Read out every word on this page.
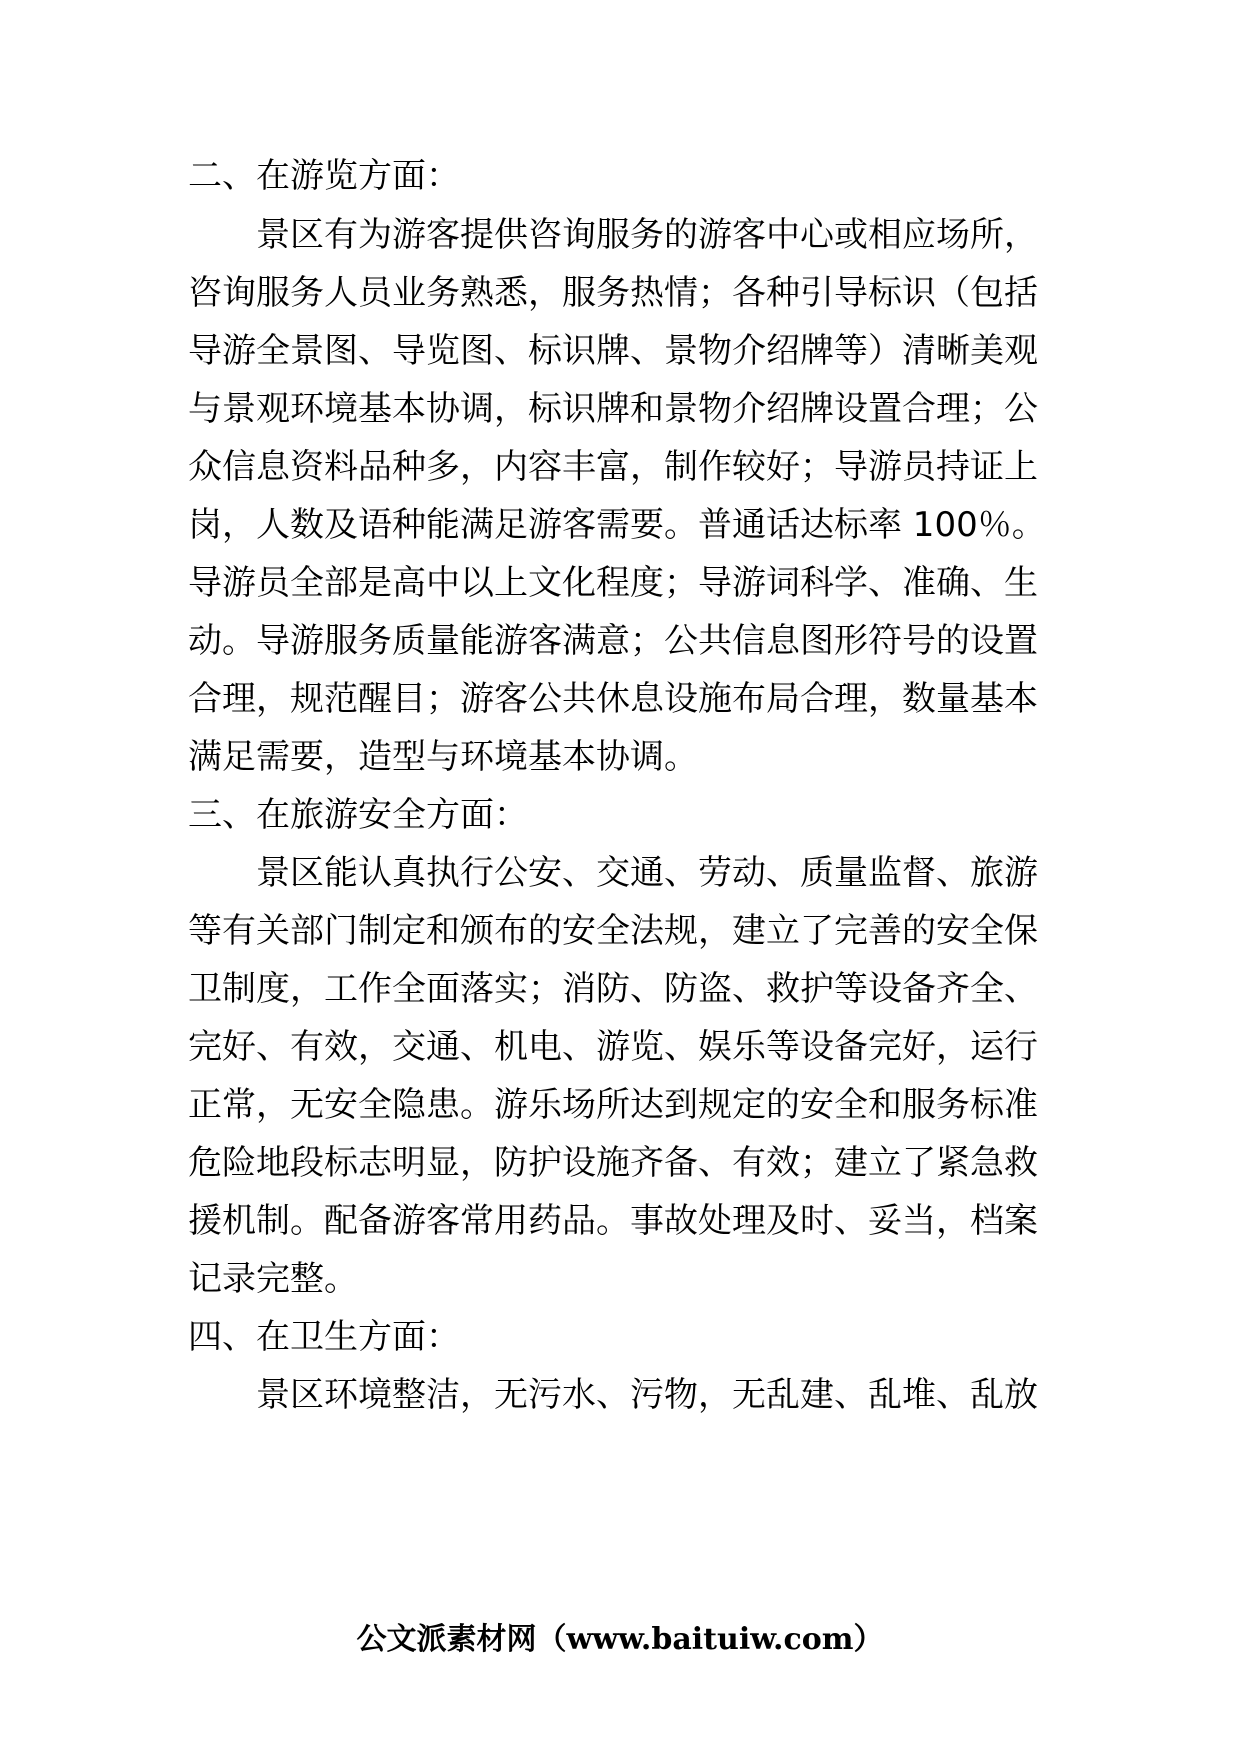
二、在游览方面：
　　景区有为游客提供咨询服务的游客中心或相应场所，
咨询服务人员业务熟悉，服务热情；各种引导标识（包括
导游全景图、导览图、标识牌、景物介绍牌等）清晰美观
与景观环境基本协调，标识牌和景物介绍牌设置合理；公
众信息资料品种多，内容丰富，制作较好；导游员持证上
岗，人数及语种能满足游客需要。普通话达标率 100％。
导游员全部是高中以上文化程度；导游词科学、准确、生
动。导游服务质量能游客满意；公共信息图形符号的设置
合理，规范醒目；游客公共休息设施布局合理，数量基本
满足需要，造型与环境基本协调。
三、在旅游安全方面：
　　景区能认真执行公安、交通、劳动、质量监督、旅游
等有关部门制定和颁布的安全法规，建立了完善的安全保
卫制度，工作全面落实；消防、防盗、救护等设备齐全、
完好、有效，交通、机电、游览、娱乐等设备完好，运行
正常，无安全隐患。游乐场所达到规定的安全和服务标准
危险地段标志明显，防护设施齐备、有效；建立了紧急救
援机制。配备游客常用药品。事故处理及时、妥当，档案
记录完整。
四、在卫生方面：
　　景区环境整洁，无污水、污物，无乱建、乱堆、乱放
公文派素材网（www.baituiw.com）
